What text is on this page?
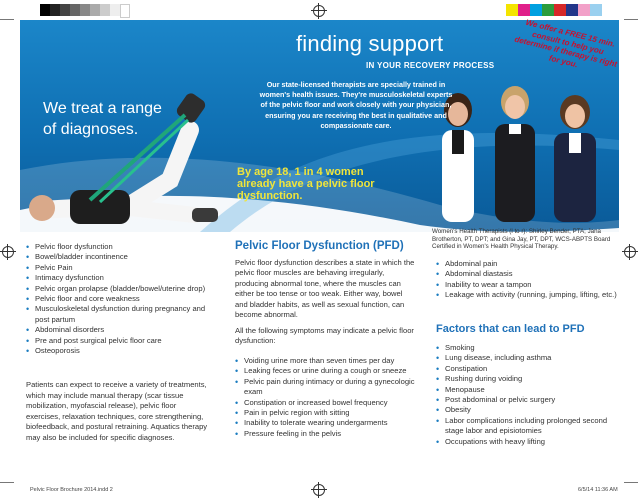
finding support
IN YOUR RECOVERY PROCESS
Our state-licensed therapists are specially trained in women's health issues. They're musculoskeletal experts of the pelvic floor and work closely with your physician, ensuring you are receiving the best in qualitative and compassionate care.
We treat a range of diagnoses.
By age 18, 1 in 4 women already have a pelvic floor dysfunction.
We offer a FREE 15 min. consult to help you determine if therapy is right for you.
Women's Health Therapists (l to r): Shirley Bender, PTA; Jana Brotherton, PT, DPT; and Gina Jay, PT, DPT, WCS-ABPTS Board Certified in Women's Health Physical Therapy.
• Pelvic floor dysfunction
• Bowel/bladder incontinence
• Pelvic Pain
• Intimacy dysfunction
• Pelvic organ prolapse (bladder/bowel/uterine drop)
• Pelvic floor and core weakness
• Musculoskeletal dysfunction during pregnancy and post partum
• Abdominal disorders
• Pre and post surgical pelvic floor care
• Osteoporosis
Patients can expect to receive a variety of treatments, which may include manual therapy (scar tissue mobilization, myofascial release), pelvic floor exercises, relaxation techniques, core strengthening, biofeedback, and postural retraining. Aquatics therapy may also be included for specific diagnoses.
Pelvic Floor Dysfunction (PFD)
Pelvic floor dysfunction describes a state in which the pelvic floor muscles are behaving irregularly, producing abnormal tone, where the muscles can either be too tense or too weak. Either way, bowel and bladder habits, as well as sexual function, can become abnormal.
All the following symptoms may indicate a pelvic floor dysfunction:
• Voiding urine more than seven times per day
• Leaking feces or urine during a cough or sneeze
• Pelvic pain during intimacy or during a gynecologic exam
• Constipation or increased bowel frequency
• Pain in pelvic region with sitting
• Inability to tolerate wearing undergarments
• Pressure feeling in the pelvis
• Abdominal pain
• Abdominal diastasis
• Inability to wear a tampon
• Leakage with activity (running, jumping, lifting, etc.)
Factors that can lead to PFD
• Smoking
• Lung disease, including asthma
• Constipation
• Rushing during voiding
• Menopause
• Post abdominal or pelvic surgery
• Obesity
• Labor complications including prolonged second stage labor and episiotomies
• Occupations with heavy lifting
Pelvic Floor Brochure 2014.indd 2	6/5/14 11:36 AM
